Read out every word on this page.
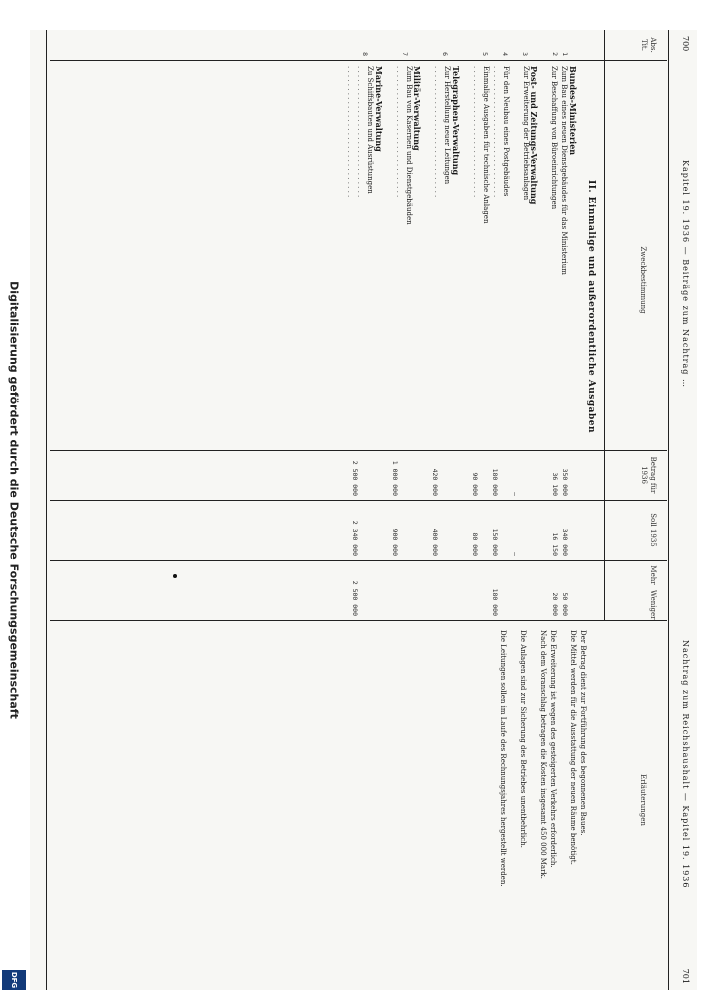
Digitalisierung gefördert durch die Deutsche Forschungsgemeinschaft
DFG
700
701
Kapitel 19. 1936 — Beiträge zum Nachtrag …
Nachtrag zum Reichshaushalt — Kapitel 19. 1936
Abs. Tit.
Zweckbestimmung
Betrag für 1936
Soll 1935
Mehr
Weniger
Erläuterungen
II. Einmalige und außerordentliche Ausgaben
Bundes-Ministerien
Zum Bau eines neuen Dienstgebäudes für das Ministerium
Zur Beschaffung von Büroeinrichtungen
Post- und Zeitungs-Verwaltung
Zur Erweiterung der Betriebsanlagen
Für den Neubau eines Postgebäudes
. . . . . . . . . . . . . . . . . . . . . . . . . . . . . .
Einmalige Ausgaben für technische Anlagen
. . . . . . . . . . . . . . . . . . . . . . . . . . . . . .
Telegraphen-Verwaltung
Zur Herstellung neuer Leitungen
. . . . . . . . . . . . . . . . . . . . . . . . . . . . . .
Militär-Verwaltung
Zum Bau von Kasernen und Dienstgebäuden
. . . . . . . . . . . . . . . . . . . . . . . . . . . . . .
Marine-Verwaltung
Zu Schiffsbauten und Ausrüstungen
. . . . . . . . . . . . . . . . . . . . . . . . . . . . . .
. . . . . . . . . . . . . . . . . . . . . . . . . . . . . .
1
2
3
4
5
6
7
8
350 000
36 100
—
180 000
90 000
420 000
1 000 000
2 500 000
340 000
16 150
—
150 000
80 000
400 000
900 000
2 340 000
50 000
20 000
180 000
2 500 000
Der Betrag dient zur Fortführung des begonnenen Baues.
Die Mittel werden für die Ausstattung der neuen Räume benötigt.
Die Erweiterung ist wegen des gesteigerten Verkehrs erforderlich.
Nach dem Voranschlag betragen die Kosten insgesamt 450 000 Mark.
Die Anlagen sind zur Sicherung des Betriebes unentbehrlich.
Die Leitungen sollen im Laufe des Rechnungsjahres hergestellt werden.
